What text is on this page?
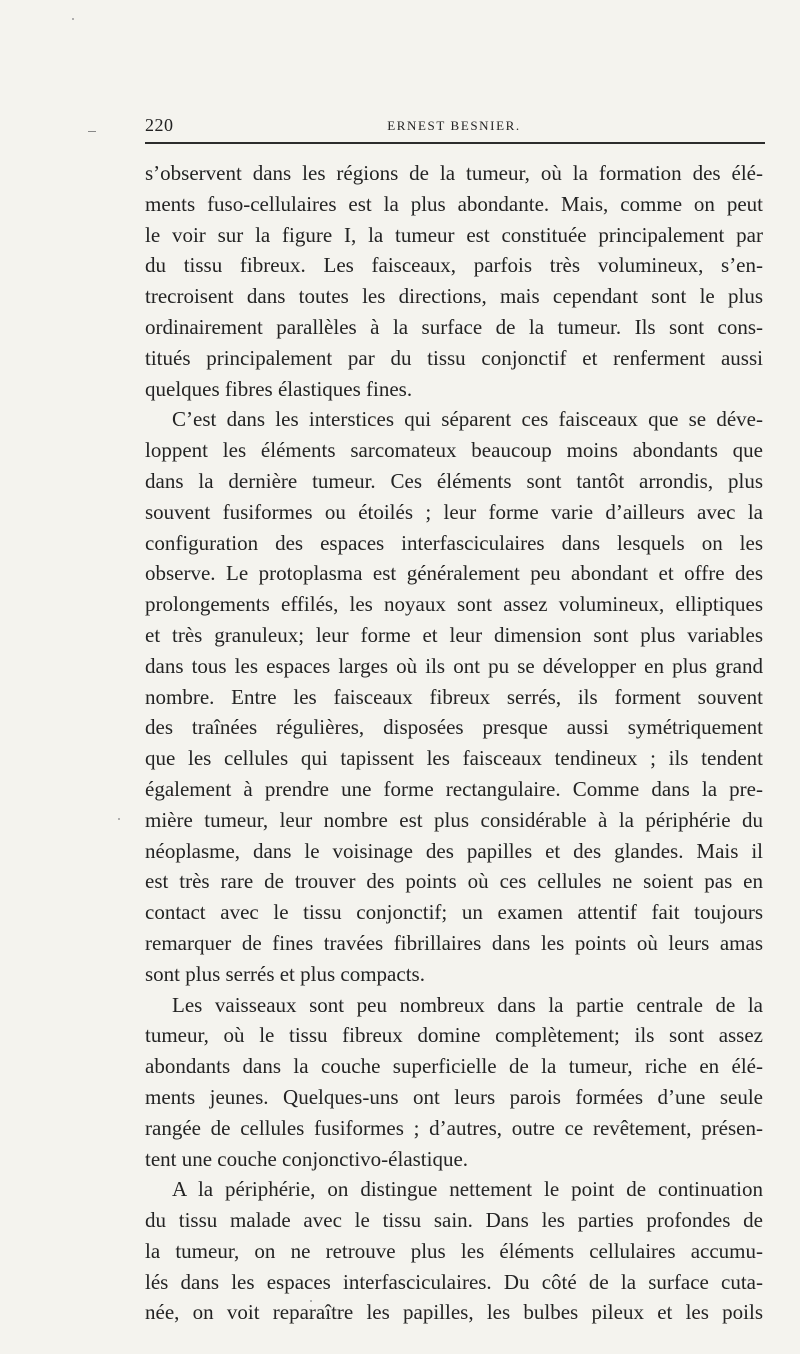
220	ERNEST BESNIER.
s’observent dans les régions de la tumeur, où la formation des élé-
ments fuso-cellulaires est la plus abondante. Mais, comme on peut
le voir sur la figure I, la tumeur est constituée principalement par
du tissu fibreux. Les faisceaux, parfois très volumineux, s’en-
trecroisent dans toutes les directions, mais cependant sont le plus
ordinairement parallèles à la surface de la tumeur. Ils sont cons-
titués principalement par du tissu conjonctif et renferment aussi
quelques fibres élastiques fines.
C’est dans les interstices qui séparent ces faisceaux que se déve-
loppent les éléments sarcomateux beaucoup moins abondants que
dans la dernière tumeur. Ces éléments sont tantôt arrondis, plus
souvent fusiformes ou étoilés ; leur forme varie d’ailleurs avec la
configuration des espaces interfasciculaires dans lesquels on les
observe. Le protoplasma est généralement peu abondant et offre des
prolongements effilés, les noyaux sont assez volumineux, elliptiques
et très granuleux; leur forme et leur dimension sont plus variables
dans tous les espaces larges où ils ont pu se développer en plus grand
nombre. Entre les faisceaux fibreux serrés, ils forment souvent
des traînées régulières, disposées presque aussi symétriquement
que les cellules qui tapissent les faisceaux tendineux ; ils tendent
également à prendre une forme rectangulaire. Comme dans la pre-
mière tumeur, leur nombre est plus considérable à la périphérie du
néoplasme, dans le voisinage des papilles et des glandes. Mais il
est très rare de trouver des points où ces cellules ne soient pas en
contact avec le tissu conjonctif; un examen attentif fait toujours
remarquer de fines travées fibrillaires dans les points où leurs amas
sont plus serrés et plus compacts.
Les vaisseaux sont peu nombreux dans la partie centrale de la
tumeur, où le tissu fibreux domine complètement; ils sont assez
abondants dans la couche superficielle de la tumeur, riche en élé-
ments jeunes. Quelques-uns ont leurs parois formées d’une seule
rangée de cellules fusiformes ; d’autres, outre ce revêtement, présen-
tent une couche conjonctivo-élastique.
A la périphérie, on distingue nettement le point de continuation
du tissu malade avec le tissu sain. Dans les parties profondes de
la tumeur, on ne retrouve plus les éléments cellulaires accumu-
lés dans les espaces interfasciculaires. Du côté de la surface cuta-
née, on voit reparaître les papilles, les bulbes pileux et les poils
